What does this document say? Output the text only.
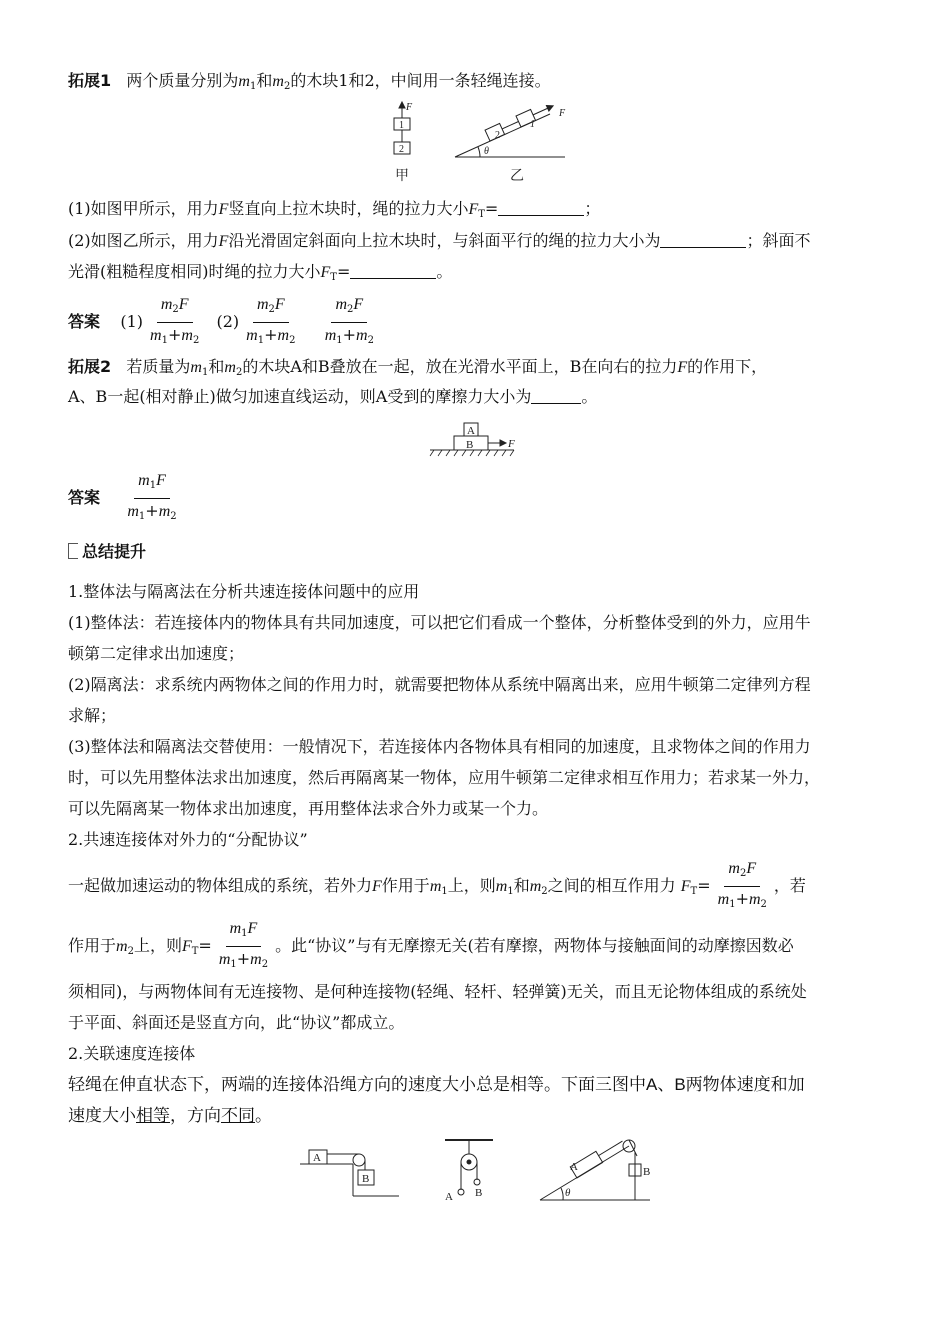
拓展1 两个质量分别为$m_1$和$m_2$的木块1和2，中间用一条轻绳连接。
F
1
2	θ
F
甲	乙
2
1
(1)如图甲所示，用力F竖直向上拉木块时，绳的拉力大小$F_T=$	；
(2)如图乙所示，用力F沿光滑固定斜面向上拉木块时，与斜面平行的绳的拉力大小为	；斜面不
光滑(粗糙程度相同)时绳的拉力大小$F_T=$	。
答案 $(1) \frac{m_2F}{m_1+m_2} (2) \frac{m_2F}{m_1+m_2}$
$\frac{m_2F}{m_1+m_2}$
拓展2 若质量为$m_1$和$m_2$的木块A和B叠放在一起，放在光滑水平面上，B在向右的拉力F的作用下，
A、B一起(相对静止)做匀加速直线运动，则A受到的摩擦力大小为	。
A
B	F
答案 $\frac{m_1F}{m_1+m_2}$
总结提升
1.整体法与隔离法在分析共速连接体问题中的应用
(1)整体法：若连接体内的物体具有共同加速度，可以把它们看成一个整体，分析整体受到的外力，应用牛
顿第二定律求出加速度；
(2)隔离法：求系统内两物体之间的作用力时，就需要把物体从系统中隔离出来，应用牛顿第二定律列方程
求解；
(3)整体法和隔离法交替使用：一般情况下，若连接体内各物体具有相同的加速度，且求物体之间的作用力
时，可以先用整体法求出加速度，然后再隔离某一物体，应用牛顿第二定律求相互作用力；若求某一外力，
可以先隔离某一物体求出加速度，再用整体法求合外力或某一个力。
2.共速连接体对外力的“分配协议”
一起做加速运动的物体组成的系统，若外力F作用于$m_1$上，则$m_1$和$m_2$之间的相互作用力 $F_T= \frac{m_2F}{m_1+m_2}$ ，若
作用于$m_2$上，则$F_T= \frac{m_1F}{m_1+m_2}$ 。此“协议”与有无摩擦无关(若有摩擦，两物体与接触面间的动摩擦因数必
须相同)，与两物体间有无连接物、是何种连接物(轻绳、轻杆、轻弹簧)无关，而且无论物体组成的系统处
于平面、斜面还是竖直方向，此“协议”都成立。
2.关联速度连接体
轻绳在伸直状态下，两端的连接体沿绳方向的速度大小总是相等。下面三图中A、B两物体速度和加
速度大小相等，方向不同。
A
B
A B
A	B
θ
